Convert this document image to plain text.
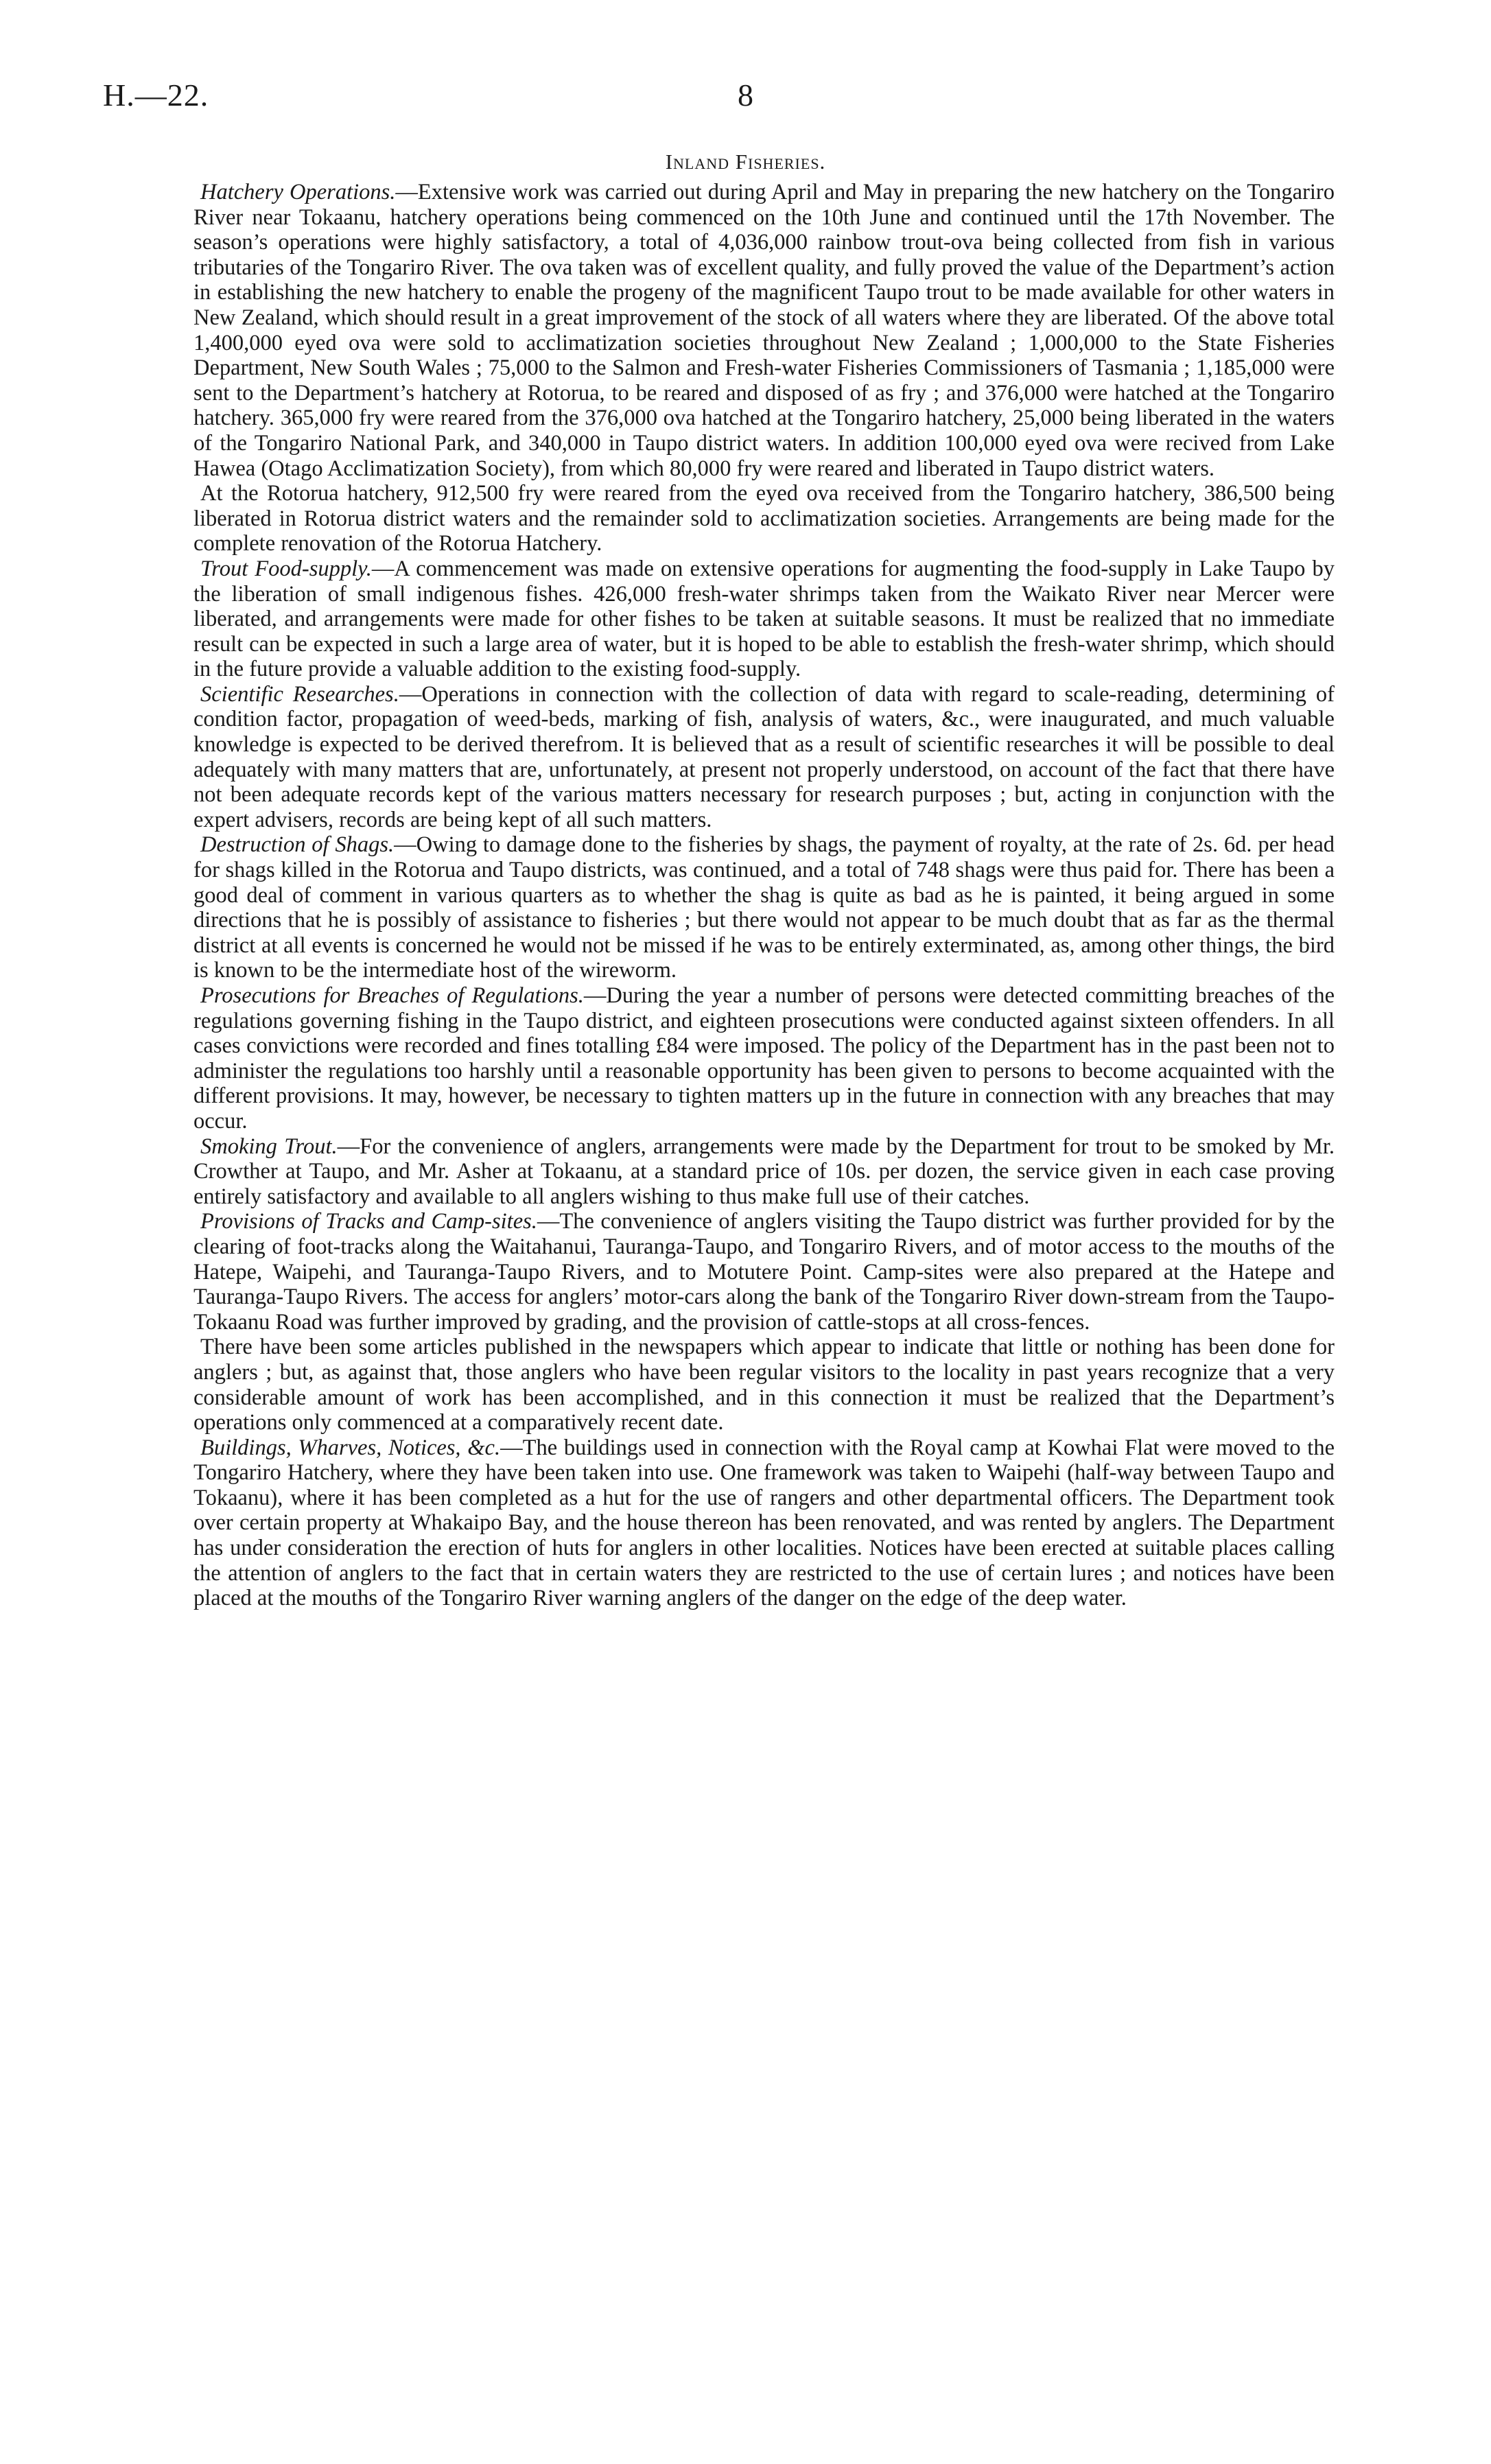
H.—22.	8
Inland Fisheries.

Hatchery Operations.—Extensive work was carried out during April and May in preparing the new hatchery on the Tongariro River near Tokaanu, hatchery operations being commenced on the 10th June and continued until the 17th November. The season’s operations were highly satisfactory, a total of 4,036,000 rainbow trout-ova being collected from fish in various tributaries of the Tongariro River. The ova taken was of excellent quality, and fully proved the value of the Department’s action in establishing the new hatchery to enable the progeny of the magnificent Taupo trout to be made available for other waters in New Zealand, which should result in a great improvement of the stock of all waters where they are liberated. Of the above total 1,400,000 eyed ova were sold to acclimatization societies throughout New Zealand ; 1,000,000 to the State Fisheries Department, New South Wales ; 75,000 to the Salmon and Fresh-water Fisheries Commissioners of Tasmania ; 1,185,000 were sent to the Department’s hatchery at Rotorua, to be reared and disposed of as fry ; and 376,000 were hatched at the Tongariro hatchery. 365,000 fry were reared from the 376,000 ova hatched at the Tongariro hatchery, 25,000 being liberated in the waters of the Tongariro National Park, and 340,000 in Taupo district waters. In addition 100,000 eyed ova were recived from Lake Hawea (Otago Acclimatization Society), from which 80,000 fry were reared and liberated in Taupo district waters.

At the Rotorua hatchery, 912,500 fry were reared from the eyed ova received from the Tongariro hatchery, 386,500 being liberated in Rotorua district waters and the remainder sold to acclimatization societies. Arrangements are being made for the complete renovation of the Rotorua Hatchery.

Trout Food-supply.—A commencement was made on extensive operations for augmenting the food-supply in Lake Taupo by the liberation of small indigenous fishes. 426,000 fresh-water shrimps taken from the Waikato River near Mercer were liberated, and arrangements were made for other fishes to be taken at suitable seasons. It must be realized that no immediate result can be expected in such a large area of water, but it is hoped to be able to establish the fresh-water shrimp, which should in the future provide a valuable addition to the existing food-supply.

Scientific Researches.—Operations in connection with the collection of data with regard to scale-reading, determining of condition factor, propagation of weed-beds, marking of fish, analysis of waters, &c., were inaugurated, and much valuable knowledge is expected to be derived therefrom. It is believed that as a result of scientific researches it will be possible to deal adequately with many matters that are, unfortunately, at present not properly understood, on account of the fact that there have not been adequate records kept of the various matters necessary for research purposes ; but, acting in conjunction with the expert advisers, records are being kept of all such matters.

Destruction of Shags.—Owing to damage done to the fisheries by shags, the payment of royalty, at the rate of 2s. 6d. per head for shags killed in the Rotorua and Taupo districts, was continued, and a total of 748 shags were thus paid for. There has been a good deal of comment in various quarters as to whether the shag is quite as bad as he is painted, it being argued in some directions that he is possibly of assistance to fisheries ; but there would not appear to be much doubt that as far as the thermal district at all events is concerned he would not be missed if he was to be entirely exterminated, as, among other things, the bird is known to be the intermediate host of the wireworm.

Prosecutions for Breaches of Regulations.—During the year a number of persons were detected committing breaches of the regulations governing fishing in the Taupo district, and eighteen prosecutions were conducted against sixteen offenders. In all cases convictions were recorded and fines totalling £84 were imposed. The policy of the Department has in the past been not to administer the regulations too harshly until a reasonable opportunity has been given to persons to become acquainted with the different provisions. It may, however, be necessary to tighten matters up in the future in connection with any breaches that may occur.

Smoking Trout.—For the convenience of anglers, arrangements were made by the Department for trout to be smoked by Mr. Crowther at Taupo, and Mr. Asher at Tokaanu, at a standard price of 10s. per dozen, the service given in each case proving entirely satisfactory and available to all anglers wishing to thus make full use of their catches.

Provisions of Tracks and Camp-sites.—The convenience of anglers visiting the Taupo district was further provided for by the clearing of foot-tracks along the Waitahanui, Tauranga-Taupo, and Tongariro Rivers, and of motor access to the mouths of the Hatepe, Waipehi, and Tauranga-Taupo Rivers, and to Motutere Point. Camp-sites were also prepared at the Hatepe and Tauranga-Taupo Rivers. The access for anglers’ motor-cars along the bank of the Tongariro River down-stream from the Taupo-Tokaanu Road was further improved by grading, and the provision of cattle-stops at all cross-fences.

There have been some articles published in the newspapers which appear to indicate that little or nothing has been done for anglers ; but, as against that, those anglers who have been regular visitors to the locality in past years recognize that a very considerable amount of work has been accomplished, and in this connection it must be realized that the Department’s operations only commenced at a comparatively recent date.

Buildings, Wharves, Notices, &c.—The buildings used in connection with the Royal camp at Kowhai Flat were moved to the Tongariro Hatchery, where they have been taken into use. One framework was taken to Waipehi (half-way between Taupo and Tokaanu), where it has been completed as a hut for the use of rangers and other departmental officers. The Department took over certain property at Whakaipo Bay, and the house thereon has been renovated, and was rented by anglers. The Department has under consideration the erection of huts for anglers in other localities. Notices have been erected at suitable places calling the attention of anglers to the fact that in certain waters they are restricted to the use of certain lures ; and notices have been placed at the mouths of the Tongariro River warning anglers of the danger on the edge of the deep water.
